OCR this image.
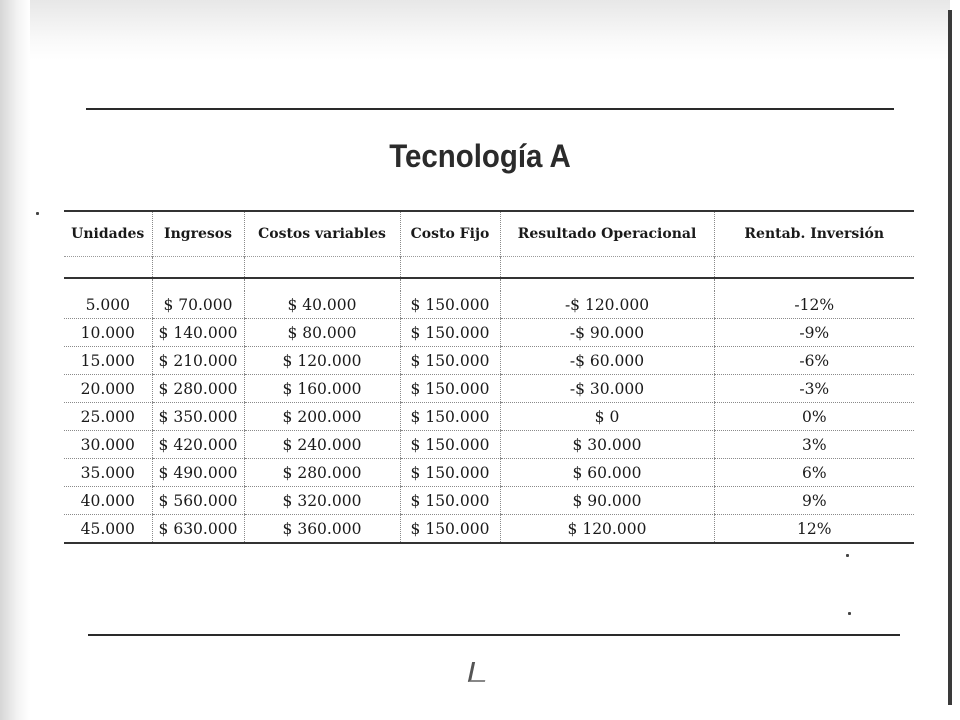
Tecnología A
Unidades	Ingresos	Costos variables	Costo Fijo	Resultado Operacional	Rentab. Inversión

5.000	$ 70.000	$ 40.000	$ 150.000	-$ 120.000	-12%
10.000	$ 140.000	$ 80.000	$ 150.000	-$ 90.000	-9%
15.000	$ 210.000	$ 120.000	$ 150.000	-$ 60.000	-6%
20.000	$ 280.000	$ 160.000	$ 150.000	-$ 30.000	-3%
25.000	$ 350.000	$ 200.000	$ 150.000	$ 0	0%
30.000	$ 420.000	$ 240.000	$ 150.000	$ 30.000	3%
35.000	$ 490.000	$ 280.000	$ 150.000	$ 60.000	6%
40.000	$ 560.000	$ 320.000	$ 150.000	$ 90.000	9%
45.000	$ 630.000	$ 360.000	$ 150.000	$ 120.000	12%
